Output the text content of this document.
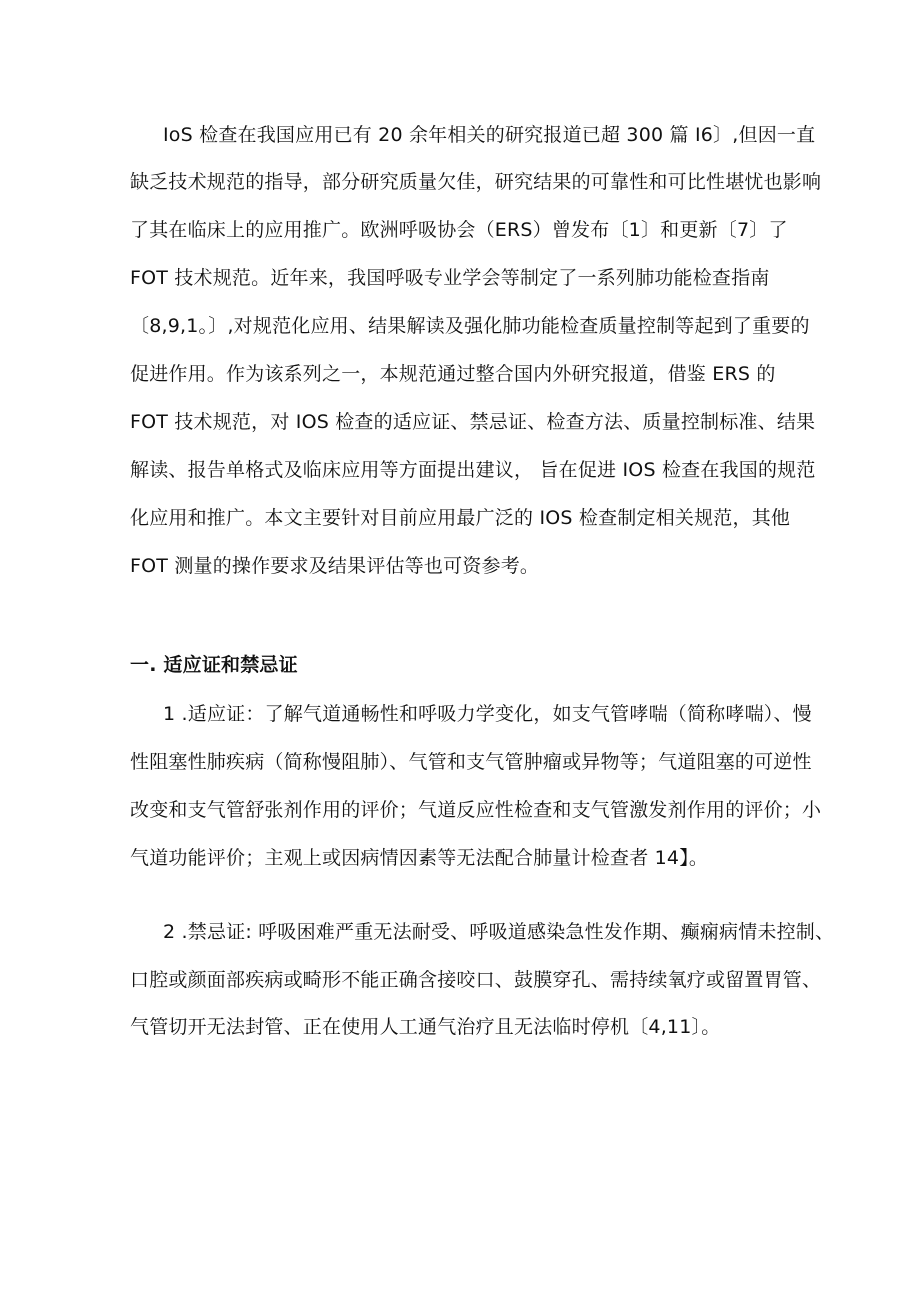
IoS 检查在我国应用已有 20 余年相关的研究报道已超 300 篇 I6〕,但因一直
缺乏技术规范的指导，部分研究质量欠佳，研究结果的可靠性和可比性堪忧也影响
了其在临床上的应用推广。欧洲呼吸协会（ERS）曾发布〔1〕和更新〔7〕了
FOT 技术规范。近年来，我国呼吸专业学会等制定了一系列肺功能检查指南
〔8,9,1。〕,对规范化应用、结果解读及强化肺功能检查质量控制等起到了重要的
促进作用。作为该系列之一，本规范通过整合国内外研究报道，借鉴 ERS 的
FOT 技术规范，对 IOS 检查的适应证、禁忌证、检查方法、质量控制标准、结果
解读、报告单格式及临床应用等方面提出建议， 旨在促进 IOS 检查在我国的规范
化应用和推广。本文主要针对目前应用最广泛的 IOS 检查制定相关规范，其他
FOT 测量的操作要求及结果评估等也可资参考。
一. 适应证和禁忌证
1 .适应证：了解气道通畅性和呼吸力学变化，如支气管哮喘（简称哮喘）、慢
性阻塞性肺疾病（简称慢阻肺）、气管和支气管肿瘤或异物等；气道阻塞的可逆性
改变和支气管舒张剂作用的评价；气道反应性检查和支气管激发剂作用的评价；小
气道功能评价；主观上或因病情因素等无法配合肺量计检查者 14】。
2 .禁忌证: 呼吸困难严重无法耐受、呼吸道感染急性发作期、癫痫病情未控制、
口腔或颜面部疾病或畸形不能正确含接咬口、鼓膜穿孔、需持续氧疗或留置胃管、
气管切开无法封管、正在使用人工通气治疗且无法临时停机〔4,11〕。
